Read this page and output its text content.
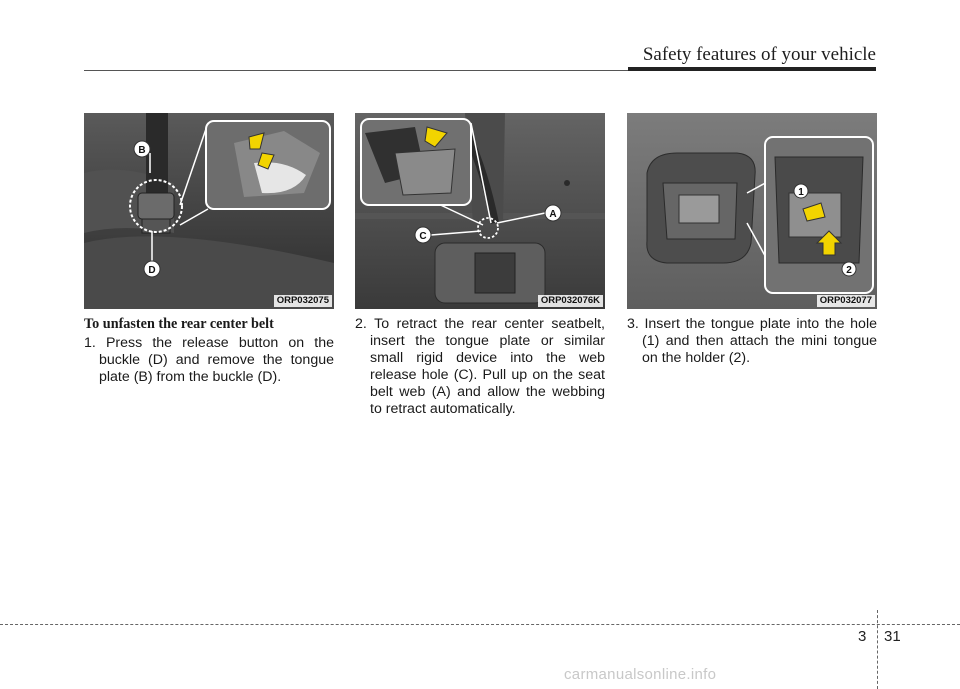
Safety features of your vehicle
B
D
ORP032075
A
C
ORP032076K
1
2
ORP032077

To unfasten the rear center belt

1. Press the release button on the buckle (D) and remove the tongue plate (B) from the buckle (D).

2. To retract the rear center seatbelt, insert the tongue plate or similar small rigid device into the web release hole (C). Pull up on the seat belt web (A) and allow the webbing to retract automatically.

3. Insert the tongue plate into the hole (1) and then attach the mini tongue on the holder (2).

3 31
carmanualsonline.info
